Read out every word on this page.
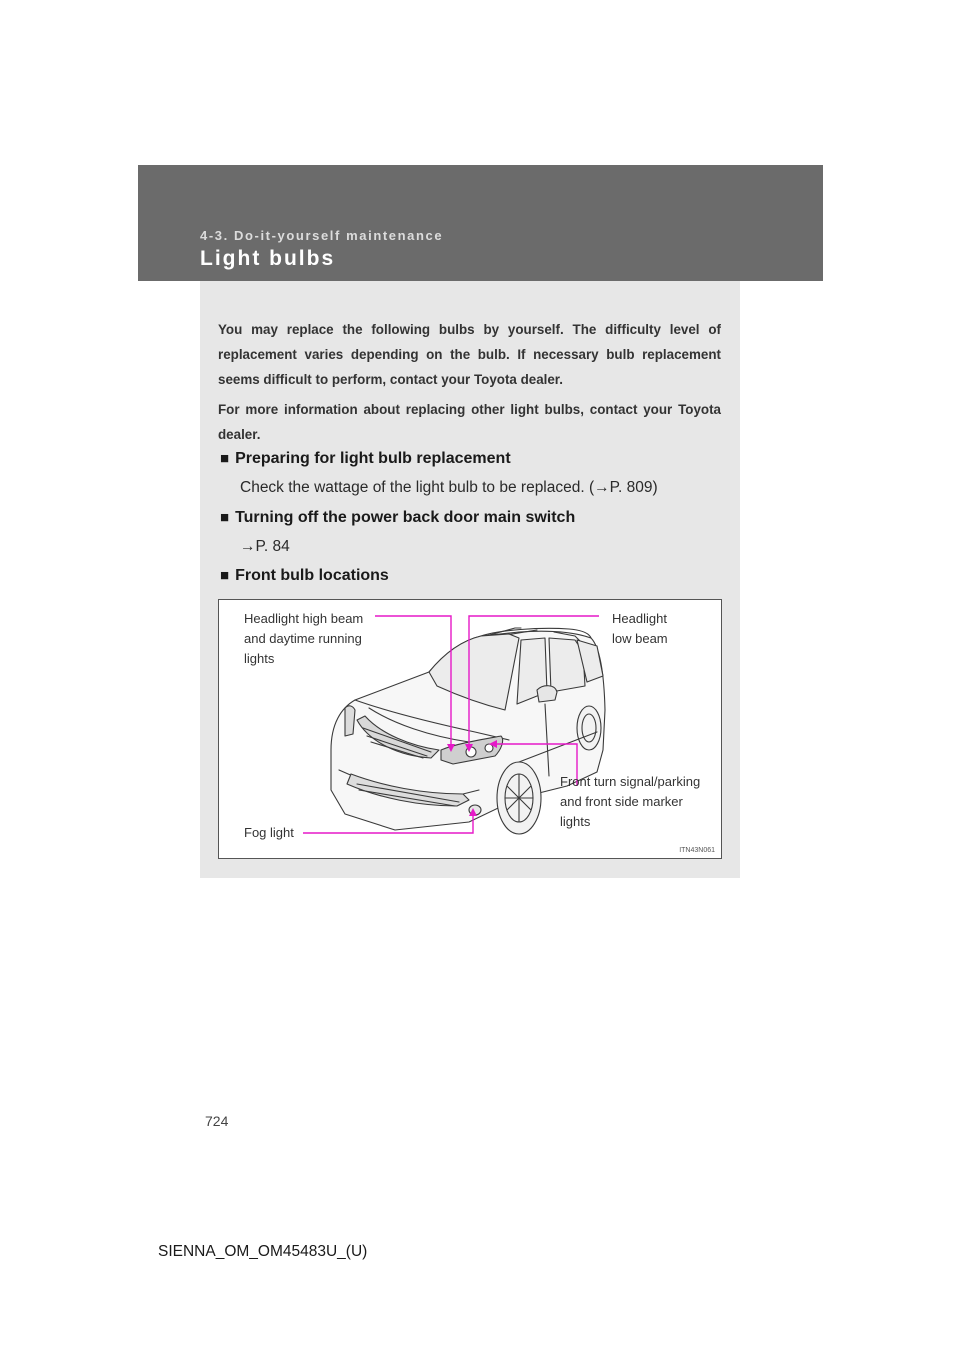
4-3. Do-it-yourself maintenance
Light bulbs

You may replace the following bulbs by yourself. The difficulty level of replacement varies depending on the bulb. If necessary bulb replacement seems difficult to perform, contact your Toyota dealer.

For more information about replacing other light bulbs, contact your Toyota dealer.

■ Preparing for light bulb replacement
Check the wattage of the light bulb to be replaced. (→P. 809)
■ Turning off the power back door main switch
→P. 84
■ Front bulb locations
Headlight high beam
and daytime running
lights
Headlight
low beam
Front turn signal/parking
and front side marker
lights
Fog light
ITN43N061
724
SIENNA_OM_OM45483U_(U)
